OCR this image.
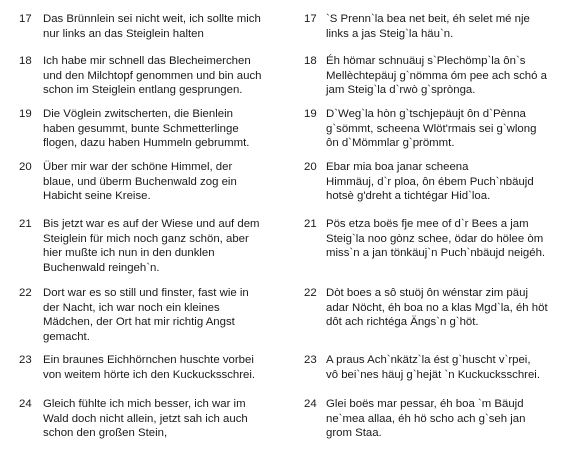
17 Das Brünnlein sei nicht weit, ich sollte mich
nur links an das Steiglein halten
18 Ich habe mir schnell das Blecheimerchen
und den Milchtopf genommen und bin auch
schon im Steiglein entlang gesprungen.
19 Die Vöglein zwitscherten, die Bienlein
haben gesummt, bunte Schmetterlinge
flogen, dazu haben Hummeln gebrummt.
20 Über mir war der schöne Himmel, der
blaue, und überm Buchenwald zog ein
Habicht seine Kreise.
21 Bis jetzt war es auf der Wiese und auf dem
Steiglein für mich noch ganz schön, aber
hier mußte ich nun in den dunklen
Buchenwald reingeh`n.
22 Dort war es so still und finster, fast wie in
der Nacht, ich war noch ein kleines
Mädchen, der Ort hat mir richtig Angst
gemacht.
23 Ein braunes Eichhörnchen huschte vorbei
von weitem hörte ich den Kuckucksschrei.
24 Gleich fühlte ich mich besser, ich war im
Wald doch nicht allein, jetzt sah ich auch
schon den großen Stein,
17 `S Prenn`la bea net beit, éh selet mé nje
links a jas Steig`la häu`n.
18 Éh hömar schnuäuj s`Plechömp`la ôn`s
Mellèchtepäuj g`nömma óm pee ach schó a
jam Steig`la d`rwò g`sprònga.
19 D`Weg`la hòn g`tschjepäujt ôn d`Pènna
g`sömmt, scheena Wlöt'rmais sei g`wlong
ôn d`Mömmlar g`prömmt.
20 Ebar mia boa janar scheena
Himmäuj, d`r ploa, ôn ébem Puch`nbäujd
hotsè g'dreht a tichtégar Hid`loa.
21 Pös etza boës fje mee of d`r Bees a jam
Steig`la noo gònz schee, ödar do hölee òm
miss`n a jan tönkäuj`n Puch`nbäujd neigéh.
22 Dòt boes a sô stuöj ôn wénstar zim päuj
adar Nöcht, éh boa no a klas Mgd`la, éh höt
dôt ach richtéga Ängs`n g`höt.
23 A praus Ach`nkätz`la ést g`huscht v`rpei,
vô bei`nes häuj g`hejät `n Kuckucksschrei.
24 Glei boës mar pessar, éh boa `m Bäujd
ne`mea allaa, éh hö scho ach g`seh jan
grom Staa.
